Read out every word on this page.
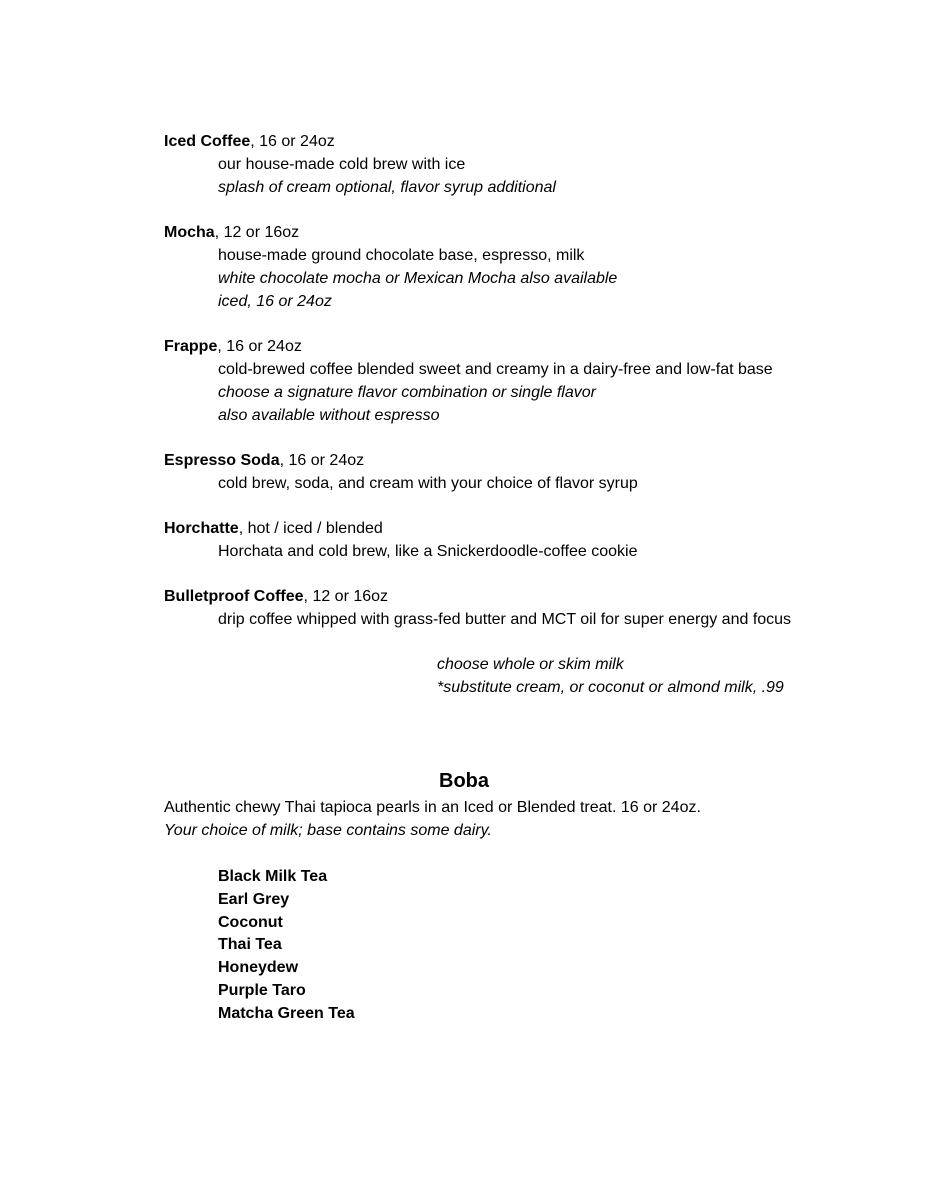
Iced Coffee, 16 or 24oz
our house-made cold brew with ice
splash of cream optional, flavor syrup additional
Mocha, 12 or 16oz
house-made ground chocolate base, espresso, milk
white chocolate mocha or Mexican Mocha also available
iced, 16 or 24oz
Frappe, 16 or 24oz
cold-brewed coffee blended sweet and creamy in a dairy-free and low-fat base
choose a signature flavor combination or single flavor
also available without espresso
Espresso Soda, 16 or 24oz
cold brew, soda, and cream with your choice of flavor syrup
Horchatte, hot / iced / blended
Horchata and cold brew, like a Snickerdoodle-coffee cookie
Bulletproof Coffee, 12 or 16oz
drip coffee whipped with grass-fed butter and MCT oil for super energy and focus
choose whole or skim milk
*substitute cream, or coconut or almond milk, .99
Boba
Authentic chewy Thai tapioca pearls in an Iced or Blended treat. 16 or 24oz.
Your choice of milk; base contains some dairy.
Black Milk Tea
Earl Grey
Coconut
Thai Tea
Honeydew
Purple Taro
Matcha Green Tea
